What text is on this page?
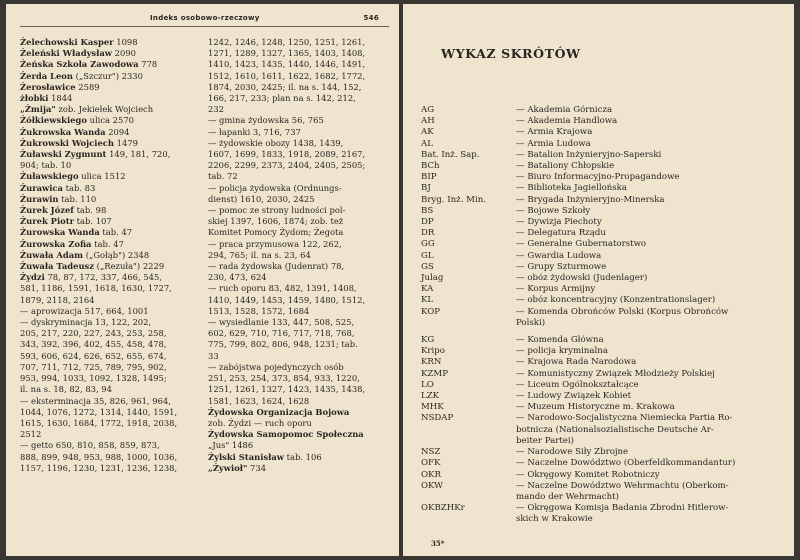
Indeks osobowo-rzeczowy	546
Żelechowski Kasper 1098
Żeleński Władysław 2090
Żeńska Szkoła Zawodowa 778
Żerda Leon („Szczur") 2330
Żerosławice 2589
żłobki 1844
„Żmija" zob. Jekiełek Wojciech
Żółkiewskiego ulica 2570
Żukrowska Wanda 2094
Żukrowski Wojciech 1479
Żuławski Zygmunt 149, 181, 720,
904; tab. 10
Żuławskiego ulica 1512
Żurawica tab. 83
Żurawin tab. 110
Żurek Józef tab. 98
Żurek Piotr tab. 107
Żurowska Wanda tab. 47
Żurowska Zofia tab. 47
Żuwała Adam („Gołąb") 2348
Żuwała Tadeusz („Rezuła") 2229
Żydzi 78, 87, 172, 337, 466, 545,
581, 1186, 1591, 1618, 1630, 1727,
1879, 2118, 2164
— aprowizacja 517, 664, 1001
— dyskryminacja 13, 122, 202,
205, 217, 220, 227, 243, 253, 258,
343, 392, 396, 402, 455, 458, 478,
593, 606, 624, 626, 652, 655, 674,
707, 711, 712, 725, 789, 795, 902,
953, 994, 1033, 1092, 1328, 1495;
il. na s. 18, 82, 83, 94
— eksterminacja 35, 826, 961, 964,
1044, 1076, 1272, 1314, 1440, 1591,
1615, 1630, 1684, 1772, 1918, 2038,
2512
— getto 650, 810, 858, 859, 873,
888, 899, 948, 953, 988, 1000, 1036,
1157, 1196, 1230, 1231, 1236, 1238,
1242, 1246, 1248, 1250, 1251, 1261,
1271, 1289, 1327, 1365, 1403, 1408,
1410, 1423, 1435, 1440, 1446, 1491,
1512, 1610, 1611, 1622, 1682, 1772,
1874, 2030, 2425; il. na s. 144, 152,
166, 217, 233; plan na s. 142, 212,
232
— gmina żydowska 56, 765
— łapanki 3, 716, 737
— żydowskie obozy 1438, 1439,
1607, 1699, 1833, 1918, 2089, 2167,
2206, 2299, 2373, 2404, 2405, 2505;
tab. 72
— policja żydowska (Ordnungs-
dienst) 1610, 2030, 2425
— pomoc ze strony ludności pol-
skiej 1397, 1606, 1874; zob. też
Komitet Pomocy Żydom; Żegota
— praca przymusowa 122, 262,
294, 765; il. na s. 23, 64
— rada żydowska (Judenrat) 78,
230, 473, 624
— ruch oporu 83, 482, 1391, 1408,
1410, 1449, 1453, 1459, 1480, 1512,
1513, 1528, 1572, 1684
— wysiedlanie 133, 447, 508, 525,
602, 629, 710, 716, 717, 718, 768,
775, 799, 802, 806, 948, 1231; tab.
33
— zabójstwa pojedynczych osób
251, 253, 254, 373, 854, 933, 1220,
1251, 1261, 1327, 1423, 1435, 1438,
1581, 1623, 1624, 1628
Żydowska Organizacja Bojowa
zob. Żydzi — ruch oporu
Żydowska Samopomoc Społeczna
„Jus" 1486
Żylski Stanisław tab. 106
„Żywioł" 734
WYKAZ SKRÓTÓW
AG	— Akademia Górnicza
AH	— Akademia Handlowa
AK	— Armia Krajowa
AL	— Armia Ludowa
Bat. Inż. Sap.	— Batalion Inżynieryjno-Saperski
BCh	— Bataliony Chłopskie
BIP	— Biuro Informacyjno-Propagandowe
BJ	— Biblioteka Jagiellońska
Bryg. Inż. Min.	— Brygada Inżynieryjno-Minerska
BS	— Bojowe Szkoły
DP	— Dywizja Piechoty
DR	— Delegatura Rządu
GG	— Generalne Gubernatorstwo
GL	— Gwardia Ludowa
GS	— Grupy Szturmowe
Julag	— obóz żydowski (Judenlager)
KA	— Korpus Armijny
KL	— obóz koncentracyjny (Konzentrationslager)
KOP	— Komenda Obrońców Polski (Korpus Obrońców
Polski)
KG	— Komenda Główna
Kripo	— policja kryminalna
KRN	— Krajowa Rada Narodowa
KZMP	— Komunistyczny Związek Młodzieży Polskiej
LO	— Liceum Ogólnokształcące
LZK	— Ludowy Związek Kobiet
MHK	— Muzeum Historyczne m. Krakowa
NSDAP	— Narodowo-Socjalistyczna Niemiecka Partia Ro-
botnicza (Nationalsozialistische Deutsche Ar-
beiter Partei)
NSZ	— Narodowe Siły Zbrojne
OFK	— Naczelne Dowództwo (Oberfeldkommandantur)
OKR	— Okręgowy Komitet Robotniczy
OKW	— Naczelne Dowództwo Wehrmachtu (Oberkom-
mando der Wehrmacht)
OKBZHKr	— Okręgowa Komisja Badania Zbrodni Hitlerow-
skich w Krakowie
35*
